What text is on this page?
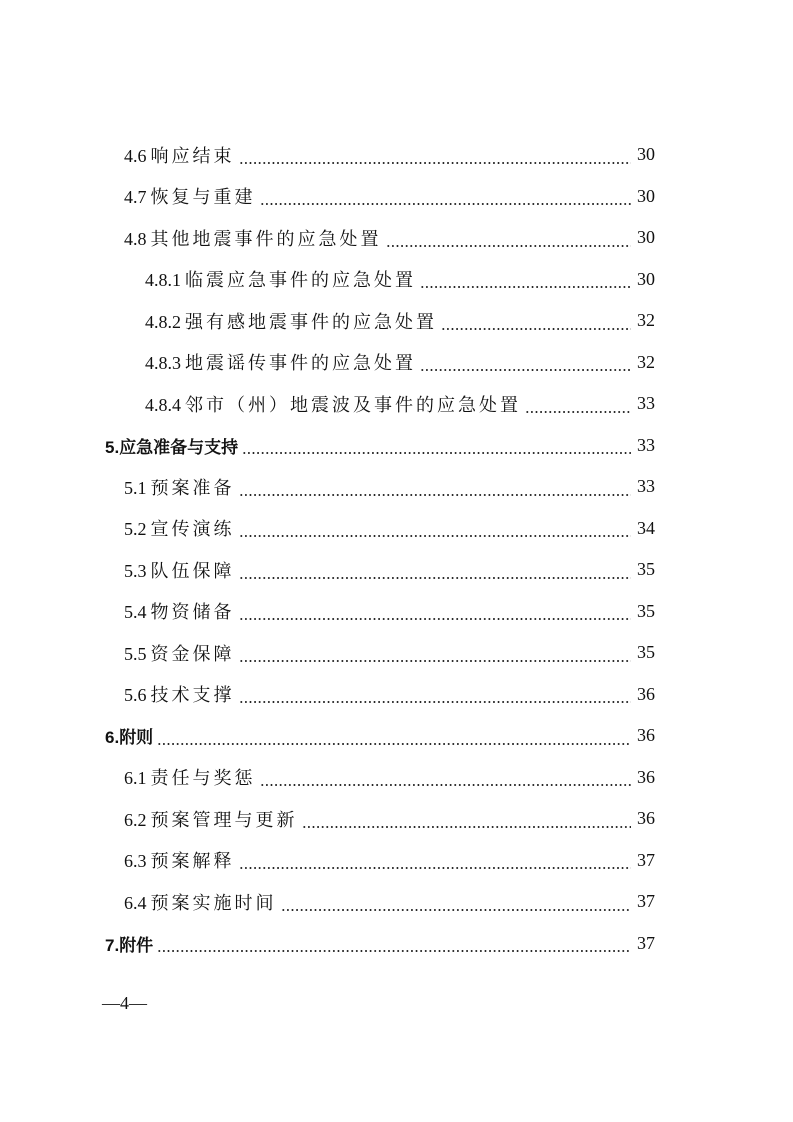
4.6 响应结束	30
4.7 恢复与重建	30
4.8 其他地震事件的应急处置	30
4.8.1 临震应急事件的应急处置	30
4.8.2 强有感地震事件的应急处置	32
4.8.3 地震谣传事件的应急处置	32
4.8.4 邻市（州）地震波及事件的应急处置	33
5.应急准备与支持	33
5.1 预案准备	33
5.2 宣传演练	34
5.3 队伍保障	35
5.4 物资储备	35
5.5 资金保障	35
5.6 技术支撑	36
6.附则	36
6.1 责任与奖惩	36
6.2 预案管理与更新	36
6.3 预案解释	37
6.4 预案实施时间	37
7.附件	37
—4—
